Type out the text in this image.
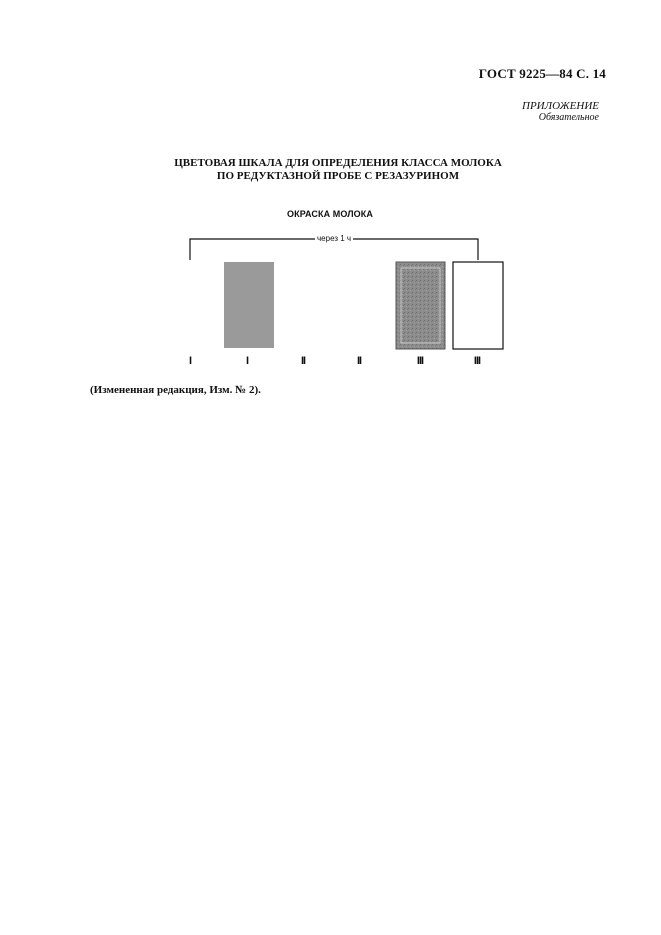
ГОСТ 9225—84 С. 14
ПРИЛОЖЕНИЕ
Обязательное
ЦВЕТОВАЯ ШКАЛА ДЛЯ ОПРЕДЕЛЕНИЯ КЛАССА МОЛОКА
ПО РЕДУКТАЗНОЙ ПРОБЕ С РЕЗАЗУРИНОМ
ОКРАСКА МОЛОКА
через 1 ч
I	I	II	II	III	III
(Измененная редакция, Изм. № 2).
